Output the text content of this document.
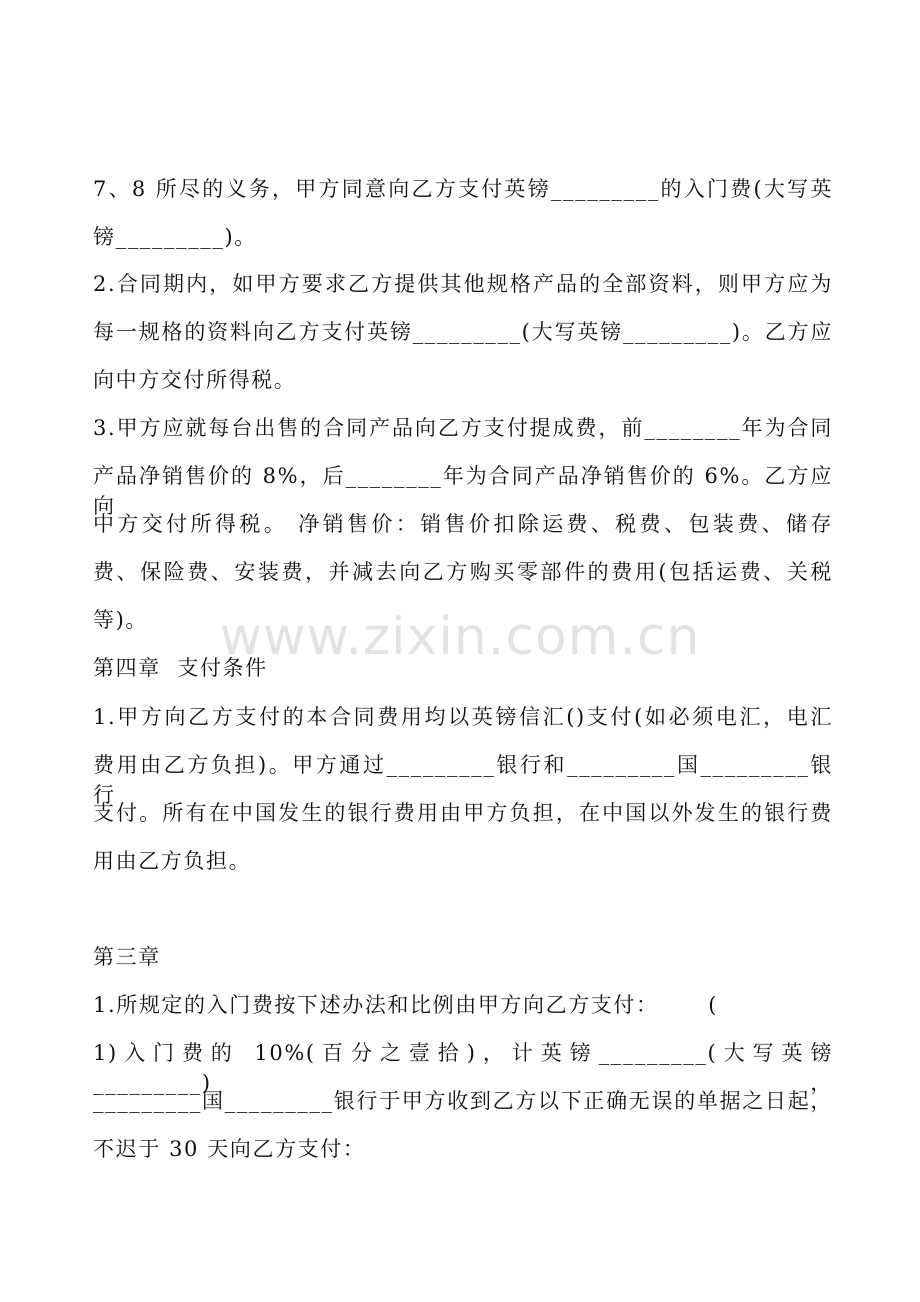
7、8 所尽的义务，甲方同意向乙方支付英镑_________的入门费(大写英
镑_________)。
2.合同期内，如甲方要求乙方提供其他规格产品的全部资料，则甲方应为
每一规格的资料向乙方支付英镑_________(大写英镑_________)。乙方应
向中方交付所得税。
3.甲方应就每台出售的合同产品向乙方支付提成费，前________年为合同
产品净销售价的 8%，后________年为合同产品净销售价的 6%。乙方应向
中方交付所得税。 净销售价：销售价扣除运费、税费、包装费、储存
费、保险费、安装费，并减去向乙方购买零部件的费用(包括运费、关税
等)。
第四章  支付条件
1.甲方向乙方支付的本合同费用均以英镑信汇()支付(如必须电汇，电汇
费用由乙方负担)。甲方通过_________银行和_________国_________银行
支付。所有在中国发生的银行费用由甲方负担，在中国以外发生的银行费
用由乙方负担。
第三章
1.所规定的入门费按下述办法和比例由甲方向乙方支付：      (
1)入门费的 10%(百分之壹拾)，计英镑_________(大写英镑_________)，
_________国_________银行于甲方收到乙方以下正确无误的单据之日起，
不迟于 30 天向乙方支付：
www.zixin.com.cn
